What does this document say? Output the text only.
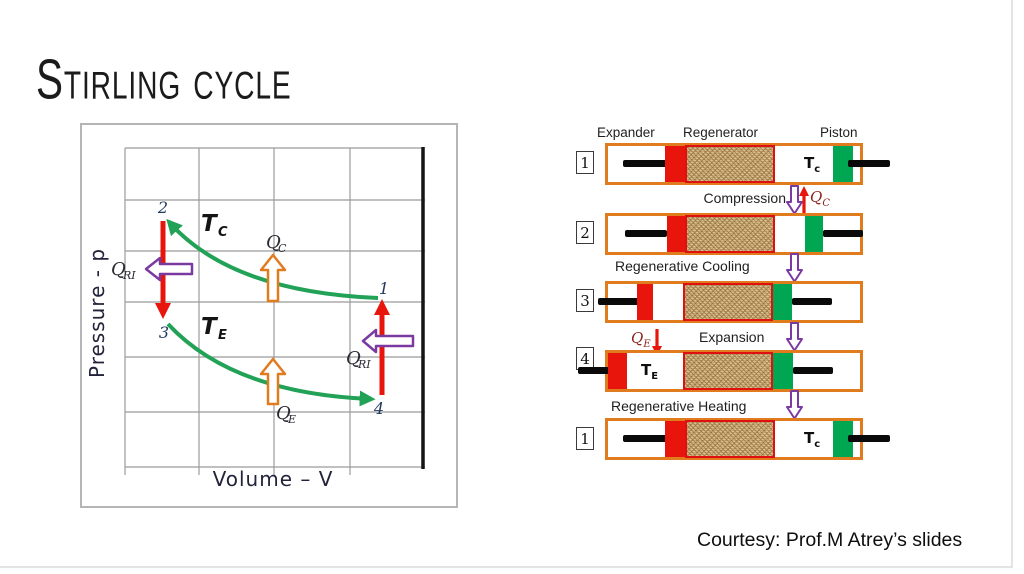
Stirling cycle
2
1
3
4
T C
T E
Q
C
Q
E
Q
RI
Q
RI
Volume – V
Pressure - p
Expander Regenerator	Piston
1
2
3
4
1
$T_c$
Compression $Q_C$
Regenerative Cooling
$Q_E$	Expansion
$T_E$
Regenerative Heating
$T_c$
Courtesy: Prof.M Atrey’s slides
